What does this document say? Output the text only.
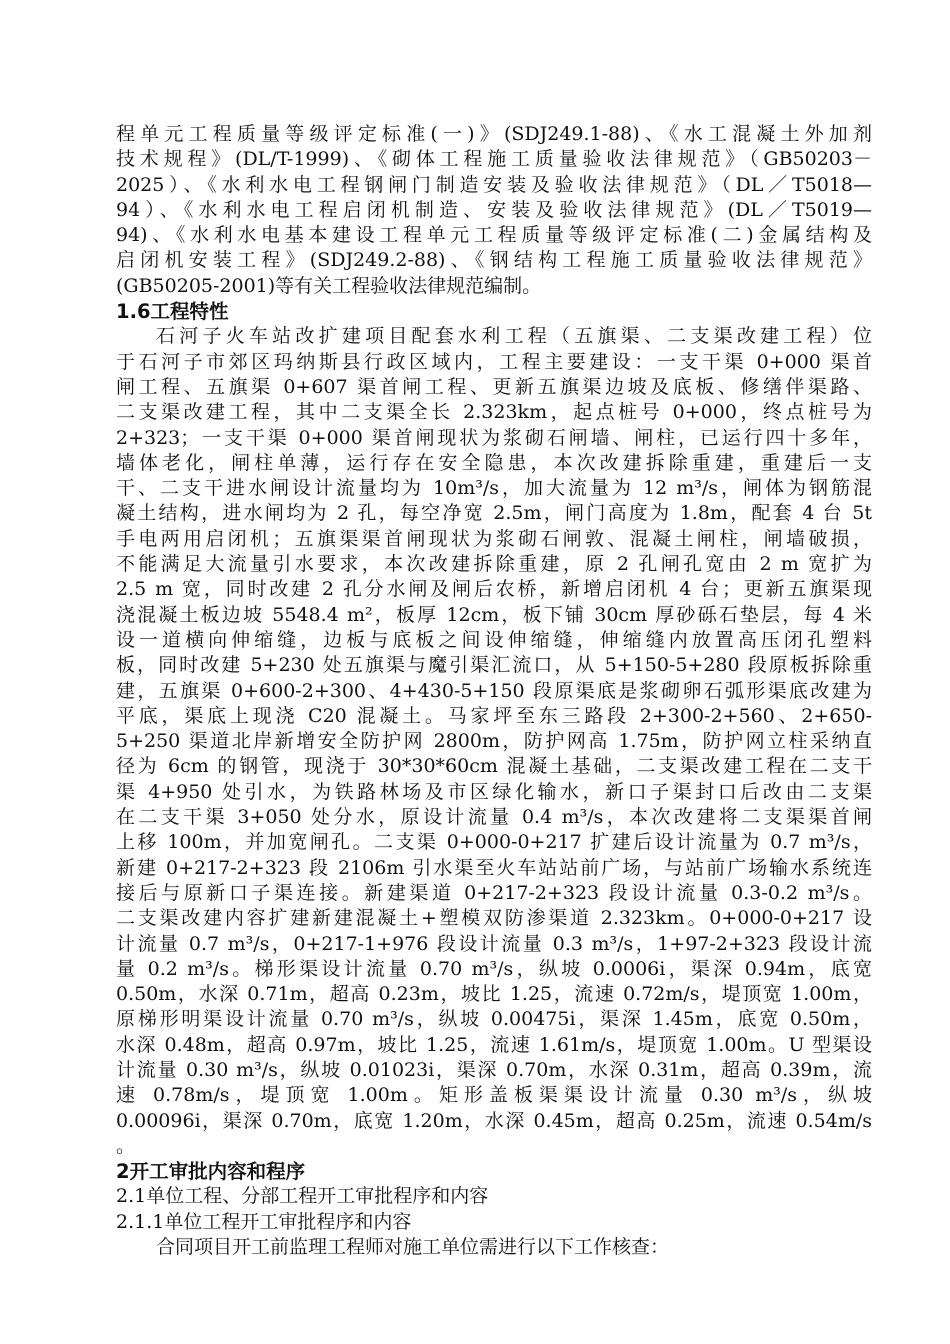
程单元工程质量等级评定标准(一)》(SDJ249.1-88)、《水工混凝土外加剂
技术规程》(DL/T-1999)、《砌体工程施工质量验收法律规范》（GB50203－
2025）、《水利水电工程钢闸门制造安装及验收法律规范》（DL／T5018—
94）、《水利水电工程启闭机制造、安装及验收法律规范》(DL／T5019—
94)、《水利水电基本建设工程单元工程质量等级评定标准(二)金属结构及
启闭机安装工程》(SDJ249.2-88)、《钢结构工程施工质量验收法律规范》
(GB50205-2001)等有关工程验收法律规范编制。
1.6工程特性
石河子火车站改扩建项目配套水利工程（五旗渠、二支渠改建工程）位
于石河子市郊区玛纳斯县行政区域内，工程主要建设：一支干渠 0+000 渠首
闸工程、五旗渠 0+607 渠首闸工程、更新五旗渠边坡及底板、修缮伴渠路、
二支渠改建工程，其中二支渠全长 2.323km，起点桩号 0+000，终点桩号为
2+323；一支干渠 0+000 渠首闸现状为浆砌石闸墙、闸柱，已运行四十多年，
墙体老化，闸柱单薄，运行存在安全隐患，本次改建拆除重建，重建后一支
干、二支干进水闸设计流量均为 10m³/s，加大流量为 12 m³/s，闸体为钢筋混
凝土结构，进水闸均为 2 孔，每空净宽 2.5m，闸门高度为 1.8m，配套 4 台 5t
手电两用启闭机；五旗渠渠首闸现状为浆砌石闸敦、混凝土闸柱，闸墙破损，
不能满足大流量引水要求，本次改建拆除重建，原 2 孔闸孔宽由 2 m 宽扩为
2.5 m 宽，同时改建 2 孔分水闸及闸后农桥，新增启闭机 4 台；更新五旗渠现
浇混凝土板边坡 5548.4 m²，板厚 12cm，板下铺 30cm 厚砂砾石垫层，每 4 米
设一道横向伸缩缝，边板与底板之间设伸缩缝，伸缩缝内放置高压闭孔塑料
板，同时改建 5+230 处五旗渠与魔引渠汇流口，从 5+150-5+280 段原板拆除重
建，五旗渠 0+600-2+300、4+430-5+150 段原渠底是浆砌卵石弧形渠底改建为
平底，渠底上现浇 C20 混凝土。马家坪至东三路段 2+300-2+560、2+650-
5+250 渠道北岸新增安全防护网 2800m，防护网高 1.75m，防护网立柱采纳直
径为 6cm 的钢管，现浇于 30*30*60cm 混凝土基础，二支渠改建工程在二支干
渠 4+950 处引水，为铁路林场及市区绿化输水，新口子渠封口后改由二支渠
在二支干渠 3+050 处分水，原设计流量 0.4 m³/s，本次改建将二支渠渠首闸
上移 100m，并加宽闸孔。二支渠 0+000-0+217 扩建后设计流量为 0.7 m³/s，
新建 0+217-2+323 段 2106m 引水渠至火车站站前广场，与站前广场输水系统连
接后与原新口子渠连接。新建渠道 0+217-2+323 段设计流量 0.3-0.2 m³/s。
二支渠改建内容扩建新建混凝土+塑模双防渗渠道 2.323km。0+000-0+217 设
计流量 0.7 m³/s，0+217-1+976 段设计流量 0.3 m³/s，1+97-2+323 段设计流
量 0.2 m³/s。梯形渠设计流量 0.70 m³/s，纵坡 0.0006i，渠深 0.94m，底宽
0.50m，水深 0.71m，超高 0.23m，坡比 1.25，流速 0.72m/s，堤顶宽 1.00m，
原梯形明渠设计流量 0.70 m³/s，纵坡 0.00475i，渠深 1.45m，底宽 0.50m，
水深 0.48m，超高 0.97m，坡比 1.25，流速 1.61m/s，堤顶宽 1.00m。U 型渠设
计流量 0.30 m³/s，纵坡 0.01023i，渠深 0.70m，水深 0.31m，超高 0.39m，流
速 0.78m/s，堤顶宽 1.00m。矩形盖板渠渠设计流量 0.30 m³/s，纵坡
0.00096i，渠深 0.70m，底宽 1.20m，水深 0.45m，超高 0.25m，流速 0.54m/s
。
2开工审批内容和程序
2.1单位工程、分部工程开工审批程序和内容
2.1.1单位工程开工审批程序和内容
合同项目开工前监理工程师对施工单位需进行以下工作核查：
